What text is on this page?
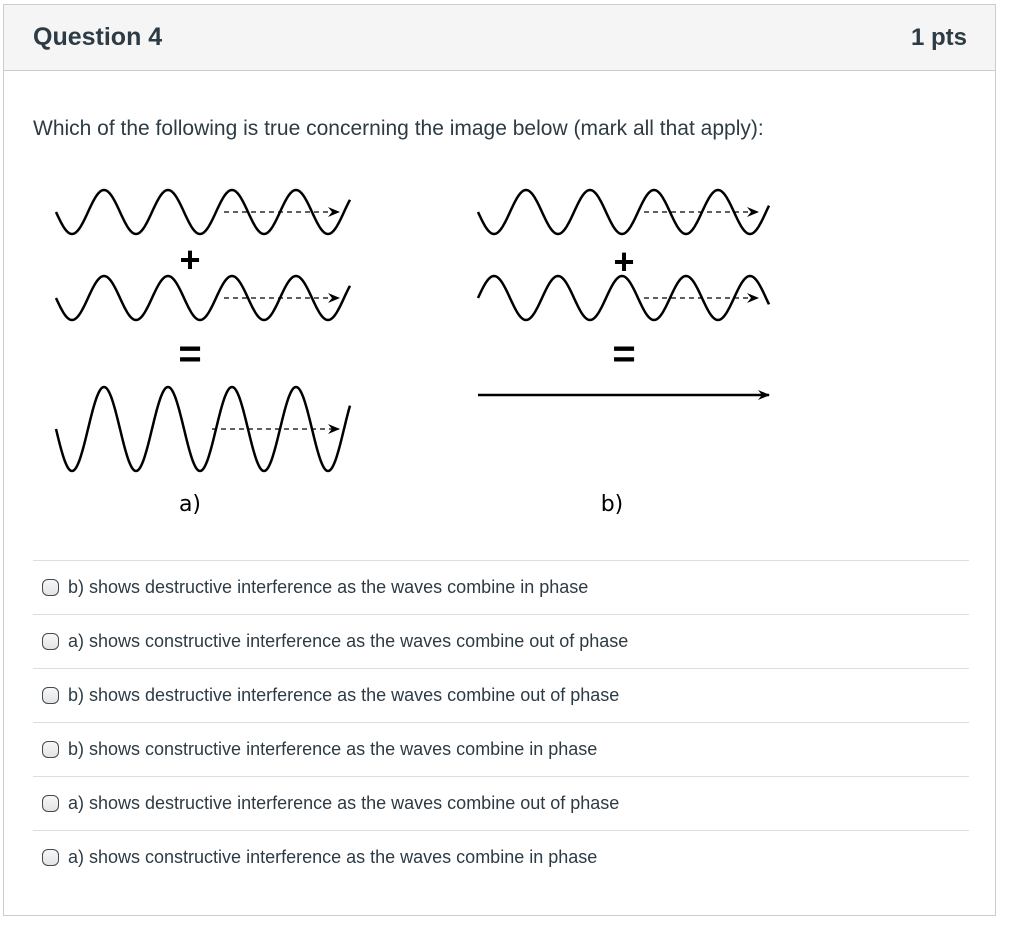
Question 4	1 pts
Which of the following is true concerning the image below (mark all that apply):
+
=
a)
+
=
b)
b) shows destructive interference as the waves combine in phase
a) shows constructive interference as the waves combine out of phase
b) shows destructive interference as the waves combine out of phase
b) shows constructive interference as the waves combine in phase
a) shows destructive interference as the waves combine out of phase
a) shows constructive interference as the waves combine in phase
